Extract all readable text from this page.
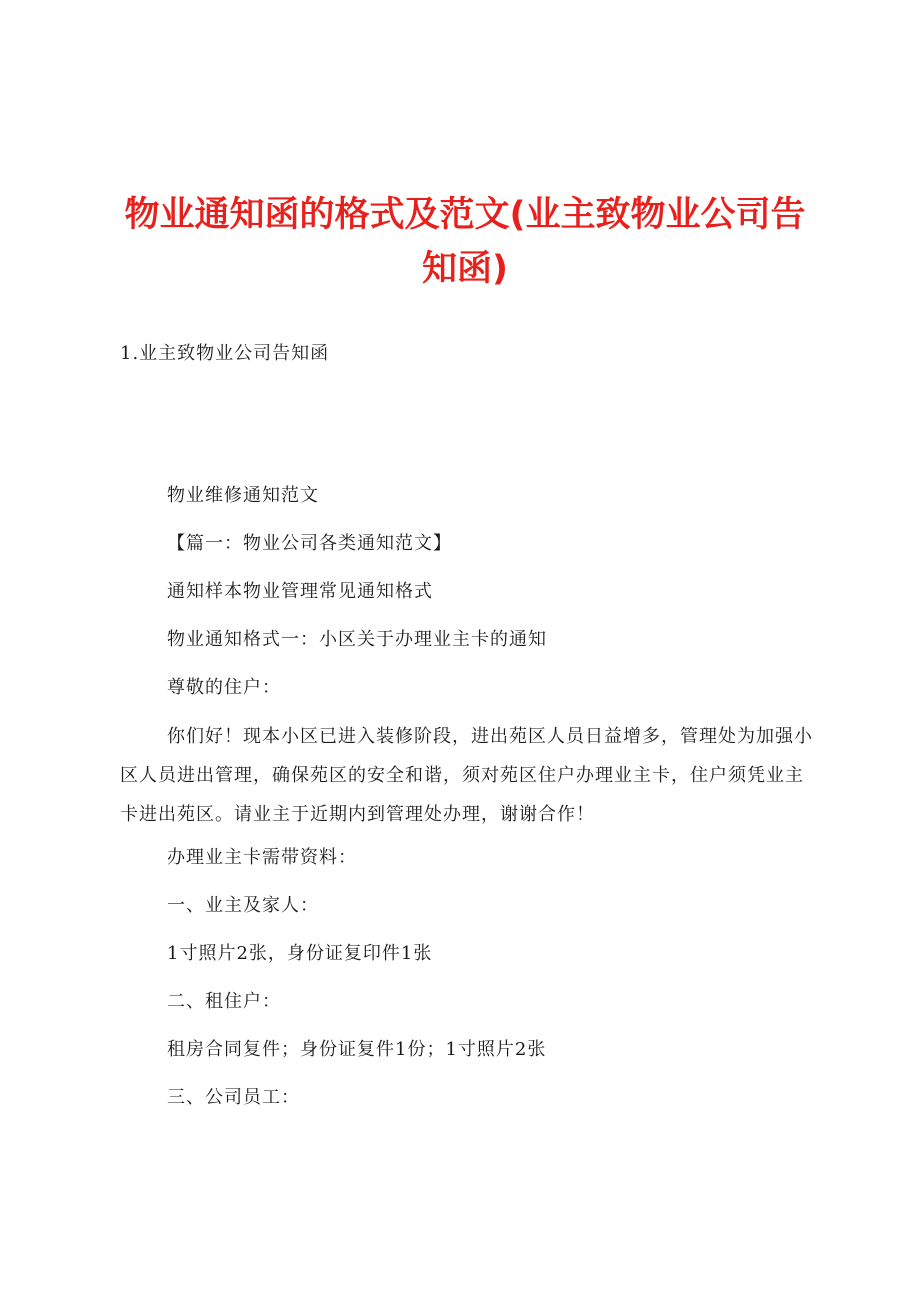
物业通知函的格式及范文(业主致物业公司告知函)
1.业主致物业公司告知函

物业维修通知范文

【篇一：物业公司各类通知范文】

通知样本物业管理常见通知格式

物业通知格式一：小区关于办理业主卡的通知

尊敬的住户：

你们好！现本小区已进入装修阶段，进出苑区人员日益增多，管理处为加强小区人员进出管理，确保苑区的安全和谐，须对苑区住户办理业主卡，住户须凭业主卡进出苑区。请业主于近期内到管理处办理，谢谢合作！

办理业主卡需带资料：

一、业主及家人：

1寸照片2张，身份证复印件1张

二、租住户：

租房合同复件；身份证复件1份；1寸照片2张

三、公司员工：
